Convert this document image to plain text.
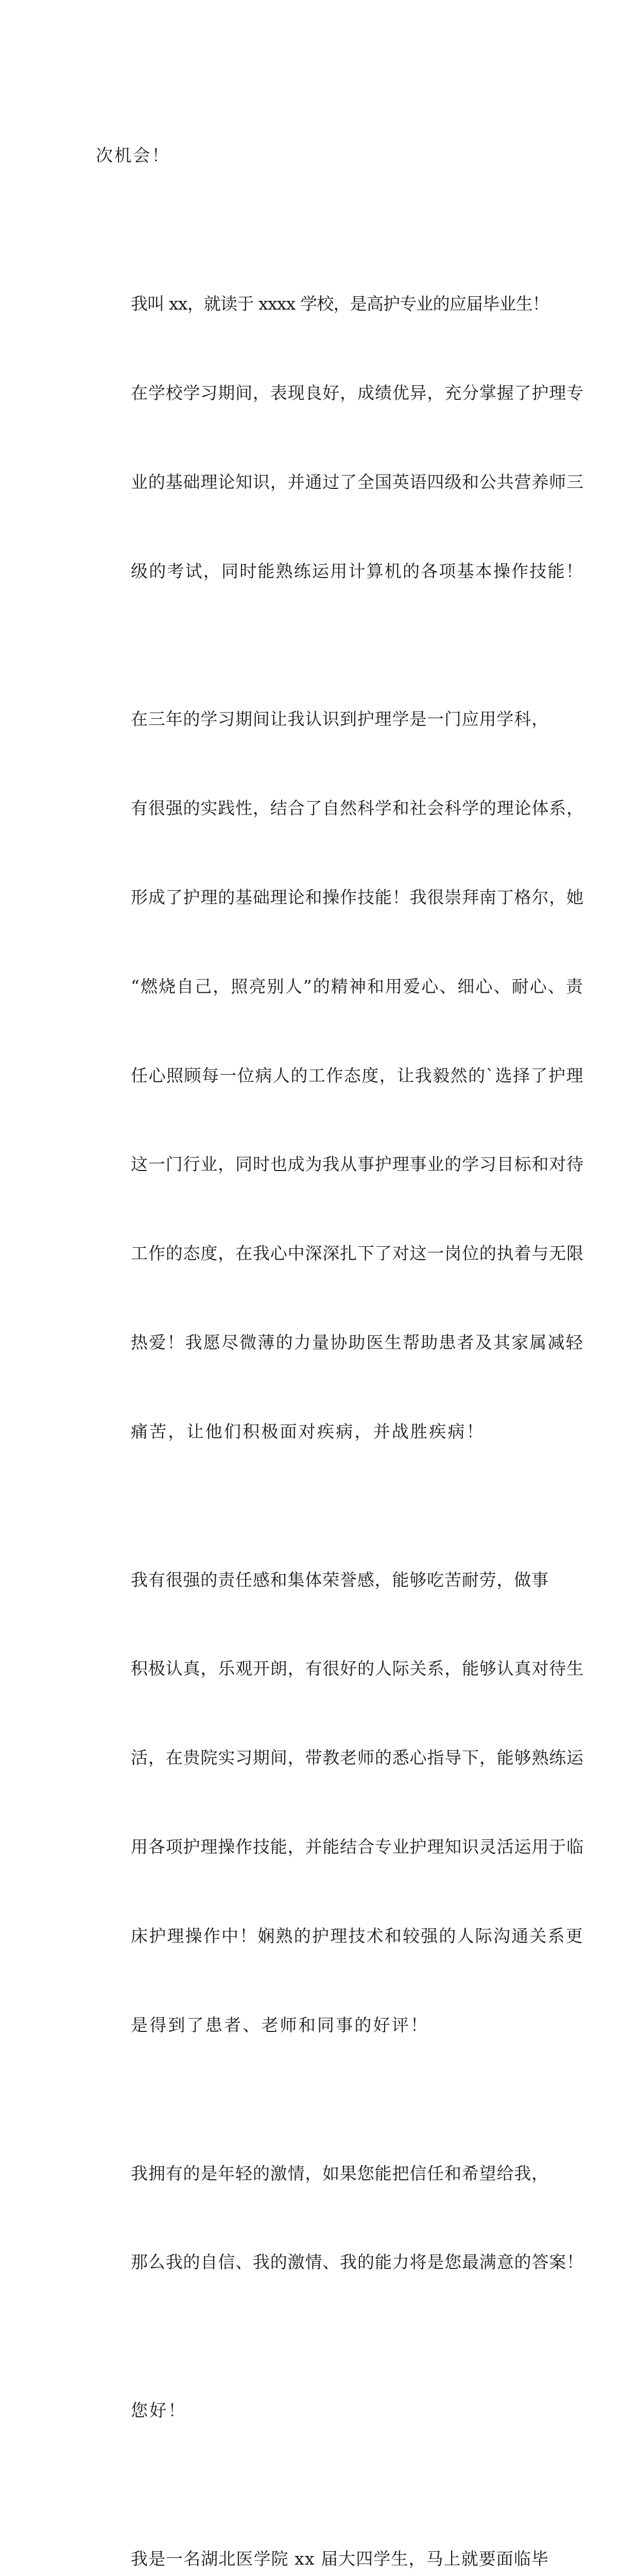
次机会！

我叫 xx，就读于 xxxx 学校，是高护专业的应届毕业生！

在学校学习期间，表现良好，成绩优异，充分掌握了护理专

业的基础理论知识，并通过了全国英语四级和公共营养师三

级的考试，同时能熟练运用计算机的各项基本操作技能！

在三年的学习期间让我认识到护理学是一门应用学科，

有很强的实践性，结合了自然科学和社会科学的理论体系，

形成了护理的基础理论和操作技能！我很崇拜南丁格尔，她

“燃烧自己，照亮别人”的精神和用爱心、细心、耐心、责

任心照顾每一位病人的工作态度，让我毅然的`选择了护理

这一门行业，同时也成为我从事护理事业的学习目标和对待

工作的态度，在我心中深深扎下了对这一岗位的执着与无限

热爱！我愿尽微薄的力量协助医生帮助患者及其家属减轻

痛苦，让他们积极面对疾病，并战胜疾病！

我有很强的责任感和集体荣誉感，能够吃苦耐劳，做事

积极认真，乐观开朗，有很好的人际关系，能够认真对待生

活，在贵院实习期间，带教老师的悉心指导下，能够熟练运

用各项护理操作技能，并能结合专业护理知识灵活运用于临

床护理操作中！娴熟的护理技术和较强的人际沟通关系更

是得到了患者、老师和同事的好评！

我拥有的是年轻的激情，如果您能把信任和希望给我，

那么我的自信、我的激情、我的能力将是您最满意的答案！

您好！

我是一名湖北医学院 xx 届大四学生，马上就要面临毕
